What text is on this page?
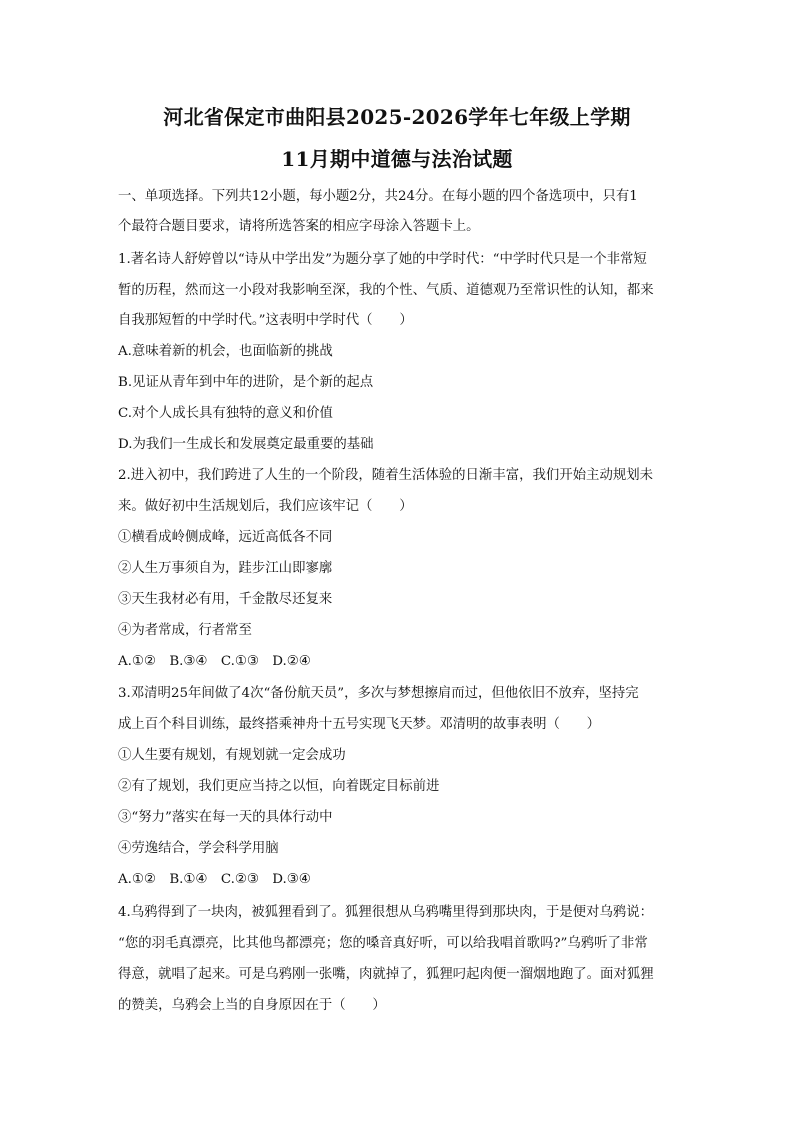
河北省保定市曲阳县2025-2026学年七年级上学期
11月期中道德与法治试题
一、单项选择。下列共12小题，每小题2分，共24分。在每小题的四个备选项中，只有1
个最符合题目要求，请将所选答案的相应字母涂入答题卡上。
1.著名诗人舒婷曾以“诗从中学出发”为题分享了她的中学时代：“中学时代只是一个非常短
暂的历程，然而这一小段对我影响至深，我的个性、气质、道德观乃至常识性的认知，都来
自我那短暂的中学时代。”这表明中学时代（　　）
A.意味着新的机会，也面临新的挑战
B.见证从青年到中年的进阶，是个新的起点
C.对个人成长具有独特的意义和价值
D.为我们一生成长和发展奠定最重要的基础
2.进入初中，我们跨进了人生的一个阶段，随着生活体验的日渐丰富，我们开始主动规划未
来。做好初中生活规划后，我们应该牢记（　　）
①横看成岭侧成峰，远近高低各不同
②人生万事须自为，跬步江山即寥廓
③天生我材必有用，千金散尽还复来
④为者常成，行者常至
A.①②　B.③④　C.①③　D.②④
3.邓清明25年间做了4次“备份航天员”，多次与梦想擦肩而过，但他依旧不放弃，坚持完
成上百个科目训练，最终搭乘神舟十五号实现飞天梦。邓清明的故事表明（　　）
①人生要有规划，有规划就一定会成功
②有了规划，我们更应当持之以恒，向着既定目标前进
③“努力”落实在每一天的具体行动中
④劳逸结合，学会科学用脑
A.①②　B.①④　C.②③　D.③④
4.乌鸦得到了一块肉，被狐狸看到了。狐狸很想从乌鸦嘴里得到那块肉，于是便对乌鸦说：
“您的羽毛真漂亮，比其他鸟都漂亮；您的嗓音真好听，可以给我唱首歌吗?”乌鸦听了非常
得意，就唱了起来。可是乌鸦刚一张嘴，肉就掉了，狐狸叼起肉便一溜烟地跑了。面对狐狸
的赞美，乌鸦会上当的自身原因在于（　　）
